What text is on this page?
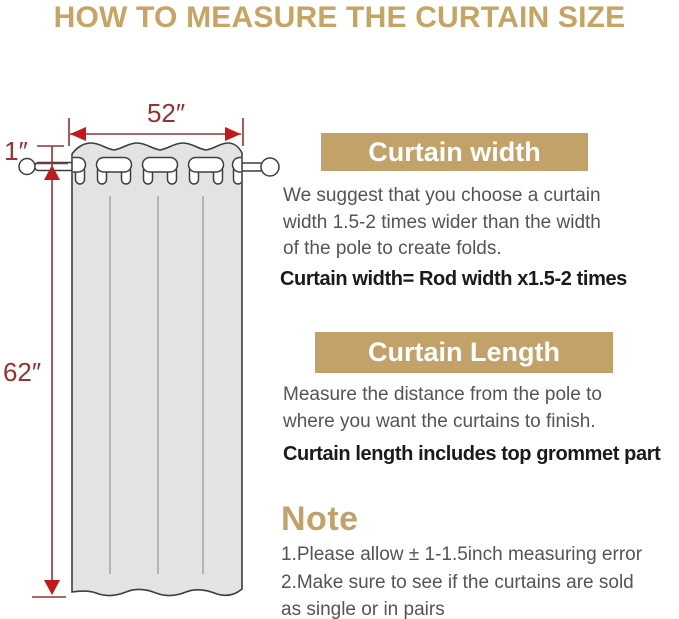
HOW TO MEASURE THE CURTAIN SIZE
52″
1″
62″
Curtain width
We suggest that you choose a curtain
width 1.5-2 times wider than the width
of the pole to create folds.
Curtain width= Rod width x1.5-2 times
Curtain Length
Measure the distance from the pole to
where you want the curtains to finish.
Curtain length includes top grommet part
Note
1.Please allow ± 1-1.5inch measuring error
2.Make sure to see if the curtains are sold
as single or in pairs
